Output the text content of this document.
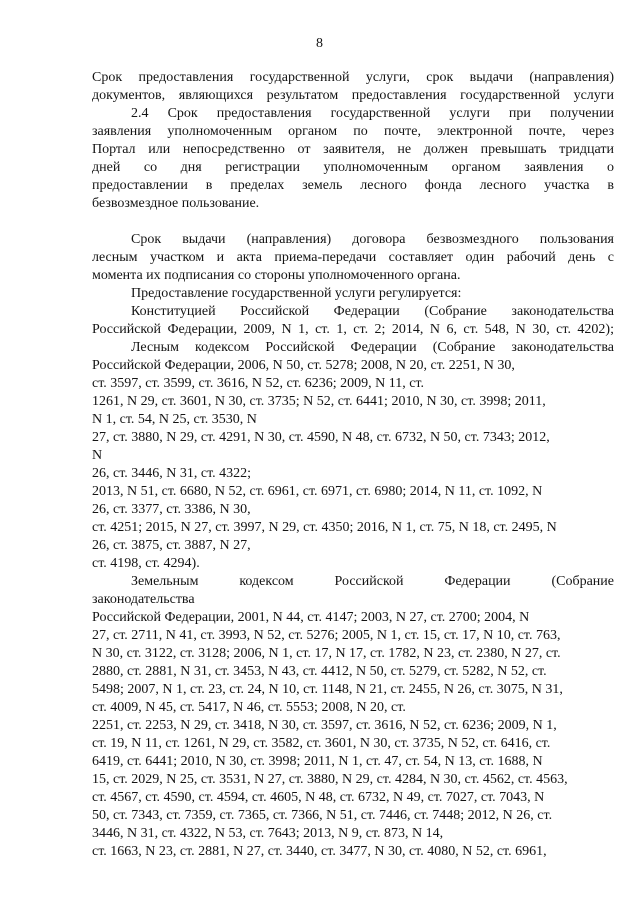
8
Срок предоставления государственной услуги, срок выдачи (направления)
документов, являющихся результатом предоставления государственной услуги
2.4 Срок предоставления государственной услуги при получении
заявления уполномоченным органом по почте, электронной почте, через
Портал или непосредственно от заявителя, не должен превышать тридцати
дней со дня регистрации уполномоченным органом заявления о
предоставлении в пределах земель лесного фонда лесного участка в
безвозмездное пользование.
Срок выдачи (направления) договора безвозмездного пользования
лесным участком и акта приема-передачи составляет один рабочий день с
момента их подписания со стороны уполномоченного органа.
Предоставление государственной услуги регулируется:
Конституцией Российской Федерации (Собрание законодательства
Российской Федерации, 2009, N 1, ст. 1, ст. 2; 2014, N 6, ст. 548, N 30, ст. 4202);
Лесным кодексом Российской Федерации (Собрание законодательства
Российской Федерации, 2006, N 50, ст. 5278; 2008, N 20, ст. 2251, N 30,
ст. 3597, ст. 3599, ст. 3616, N 52, ст. 6236; 2009, N 11, ст.
1261, N 29, ст. 3601, N 30, ст. 3735; N 52, ст. 6441; 2010, N 30, ст. 3998; 2011,
N 1, ст. 54, N 25, ст. 3530, N
27, ст. 3880, N 29, ст. 4291, N 30, ст. 4590, N 48, ст. 6732, N 50, ст. 7343; 2012,
N
26, ст. 3446, N 31, ст. 4322;
2013, N 51, ст. 6680, N 52, ст. 6961, ст. 6971, ст. 6980; 2014, N 11, ст. 1092, N
26, ст. 3377, ст. 3386, N 30,
ст. 4251; 2015, N 27, ст. 3997, N 29, ст. 4350; 2016, N 1, ст. 75, N 18, ст. 2495, N
26, ст. 3875, ст. 3887, N 27,
ст. 4198, ст. 4294).
Земельным кодексом Российской Федерации (Собрание
законодательства
Российской Федерации, 2001, N 44, ст. 4147; 2003, N 27, ст. 2700; 2004, N
27, ст. 2711, N 41, ст. 3993, N 52, ст. 5276; 2005, N 1, ст. 15, ст. 17, N 10, ст. 763,
N 30, ст. 3122, ст. 3128; 2006, N 1, ст. 17, N 17, ст. 1782, N 23, ст. 2380, N 27, ст.
2880, ст. 2881, N 31, ст. 3453, N 43, ст. 4412, N 50, ст. 5279, ст. 5282, N 52, ст.
5498; 2007, N 1, ст. 23, ст. 24, N 10, ст. 1148, N 21, ст. 2455, N 26, ст. 3075, N 31,
ст. 4009, N 45, ст. 5417, N 46, ст. 5553; 2008, N 20, ст.
2251, ст. 2253, N 29, ст. 3418, N 30, ст. 3597, ст. 3616, N 52, ст. 6236; 2009, N 1,
ст. 19, N 11, ст. 1261, N 29, ст. 3582, ст. 3601, N 30, ст. 3735, N 52, ст. 6416, ст.
6419, ст. 6441; 2010, N 30, ст. 3998; 2011, N 1, ст. 47, ст. 54, N 13, ст. 1688, N
15, ст. 2029, N 25, ст. 3531, N 27, ст. 3880, N 29, ст. 4284, N 30, ст. 4562, ст. 4563,
ст. 4567, ст. 4590, ст. 4594, ст. 4605, N 48, ст. 6732, N 49, ст. 7027, ст. 7043, N
50, ст. 7343, ст. 7359, ст. 7365, ст. 7366, N 51, ст. 7446, ст. 7448; 2012, N 26, ст.
3446, N 31, ст. 4322, N 53, ст. 7643; 2013, N 9, ст. 873, N 14,
ст. 1663, N 23, ст. 2881, N 27, ст. 3440, ст. 3477, N 30, ст. 4080, N 52, ст. 6961,
